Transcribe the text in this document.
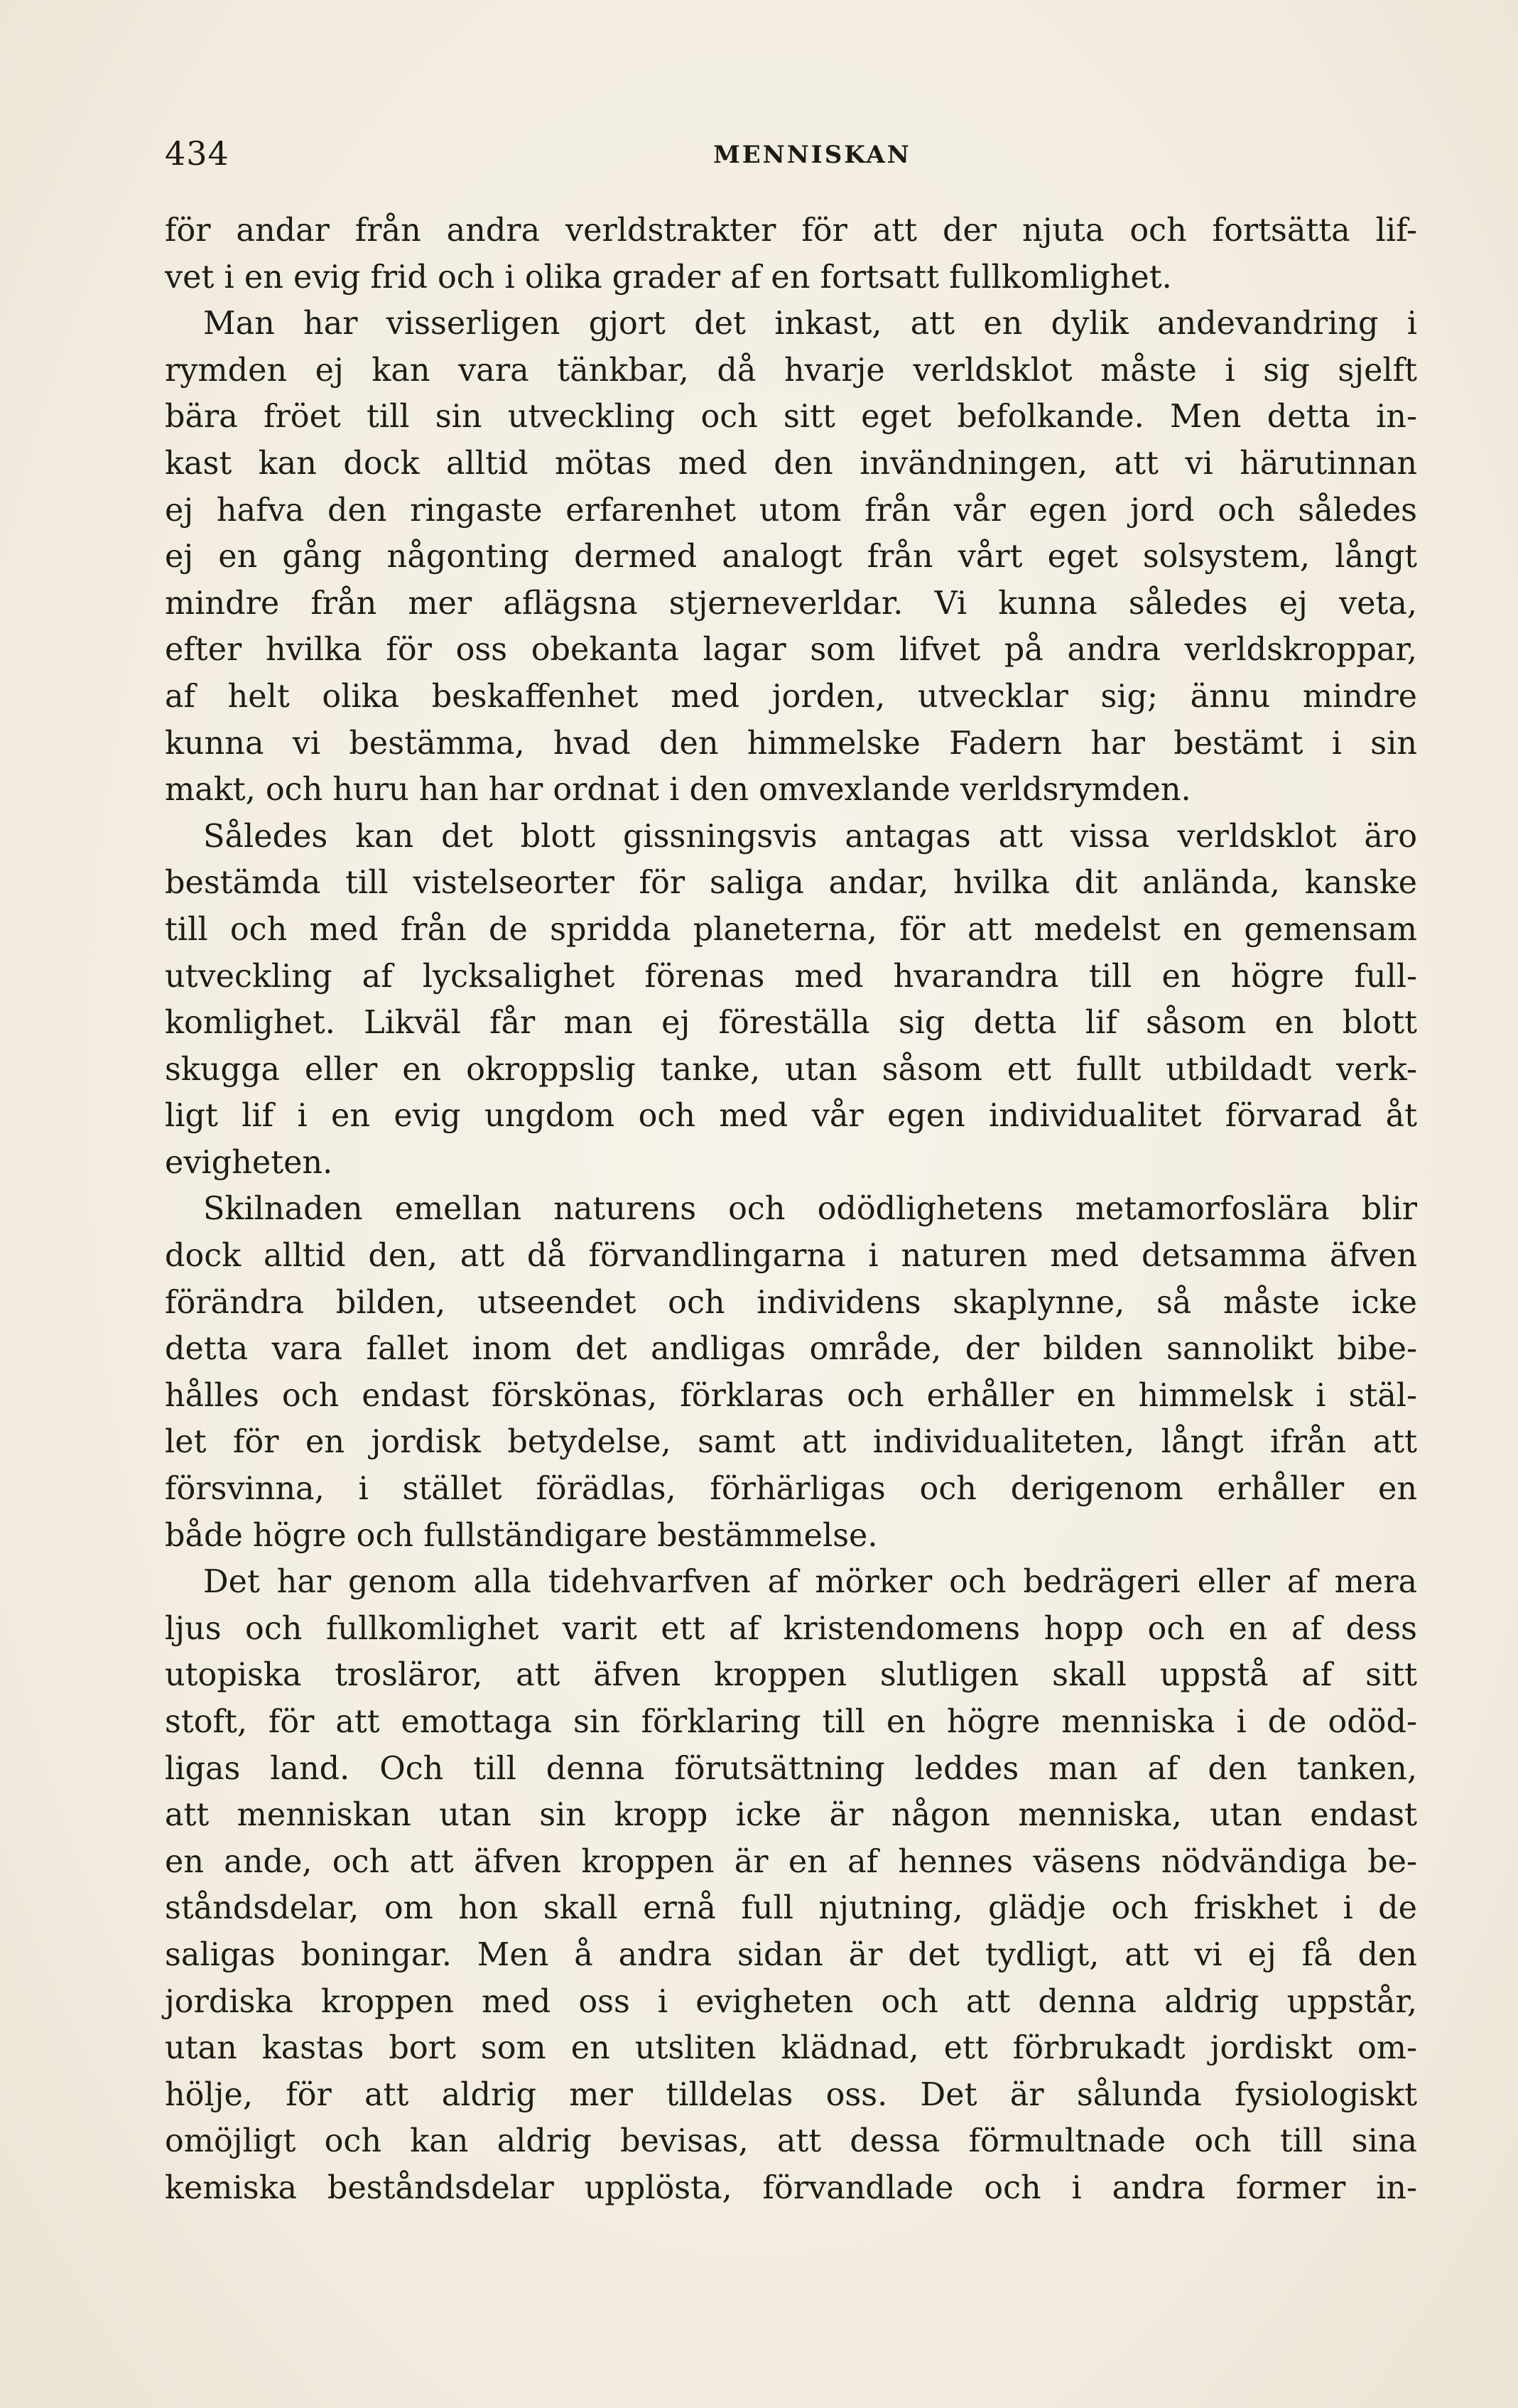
434	MENNISKAN
för andar från andra verldstrakter för att der njuta och fortsätta lif-
vet i en evig frid och i olika grader af en fortsatt fullkomlighet.
Man har visserligen gjort det inkast, att en dylik andevandring i
rymden ej kan vara tänkbar, då hvarje verldsklot måste i sig sjelft
bära fröet till sin utveckling och sitt eget befolkande. Men detta in-
kast kan dock alltid mötas med den invändningen, att vi härutinnan
ej hafva den ringaste erfarenhet utom från vår egen jord och således
ej en gång någonting dermed analogt från vårt eget solsystem, långt
mindre från mer aflägsna stjerneverldar. Vi kunna således ej veta,
efter hvilka för oss obekanta lagar som lifvet på andra verldskroppar,
af helt olika beskaffenhet med jorden, utvecklar sig; ännu mindre
kunna vi bestämma, hvad den himmelske Fadern har bestämt i sin
makt, och huru han har ordnat i den omvexlande verldsrymden.
Således kan det blott gissningsvis antagas att vissa verldsklot äro
bestämda till vistelseorter för saliga andar, hvilka dit anlända, kanske
till och med från de spridda planeterna, för att medelst en gemensam
utveckling af lycksalighet förenas med hvarandra till en högre full-
komlighet. Likväl får man ej föreställa sig detta lif såsom en blott
skugga eller en okroppslig tanke, utan såsom ett fullt utbildadt verk-
ligt lif i en evig ungdom och med vår egen individualitet förvarad åt
evigheten.
Skilnaden emellan naturens och odödlighetens metamorfoslära blir
dock alltid den, att då förvandlingarna i naturen med detsamma äfven
förändra bilden, utseendet och individens skaplynne, så måste icke
detta vara fallet inom det andligas område, der bilden sannolikt bibe-
hålles och endast förskönas, förklaras och erhåller en himmelsk i stäl-
let för en jordisk betydelse, samt att individualiteten, långt ifrån att
försvinna, i stället förädlas, förhärligas och derigenom erhåller en
både högre och fullständigare bestämmelse.
Det har genom alla tidehvarfven af mörker och bedrägeri eller af mera
ljus och fullkomlighet varit ett af kristendomens hopp och en af dess
utopiska trosläror, att äfven kroppen slutligen skall uppstå af sitt
stoft, för att emottaga sin förklaring till en högre menniska i de odöd-
ligas land. Och till denna förutsättning leddes man af den tanken,
att menniskan utan sin kropp icke är någon menniska, utan endast
en ande, och att äfven kroppen är en af hennes väsens nödvändiga be-
ståndsdelar, om hon skall ernå full njutning, glädje och friskhet i de
saligas boningar. Men å andra sidan är det tydligt, att vi ej få den
jordiska kroppen med oss i evigheten och att denna aldrig uppstår,
utan kastas bort som en utsliten klädnad, ett förbrukadt jordiskt om-
hölje, för att aldrig mer tilldelas oss. Det är sålunda fysiologiskt
omöjligt och kan aldrig bevisas, att dessa förmultnade och till sina
kemiska beståndsdelar upplösta, förvandlade och i andra former in-
